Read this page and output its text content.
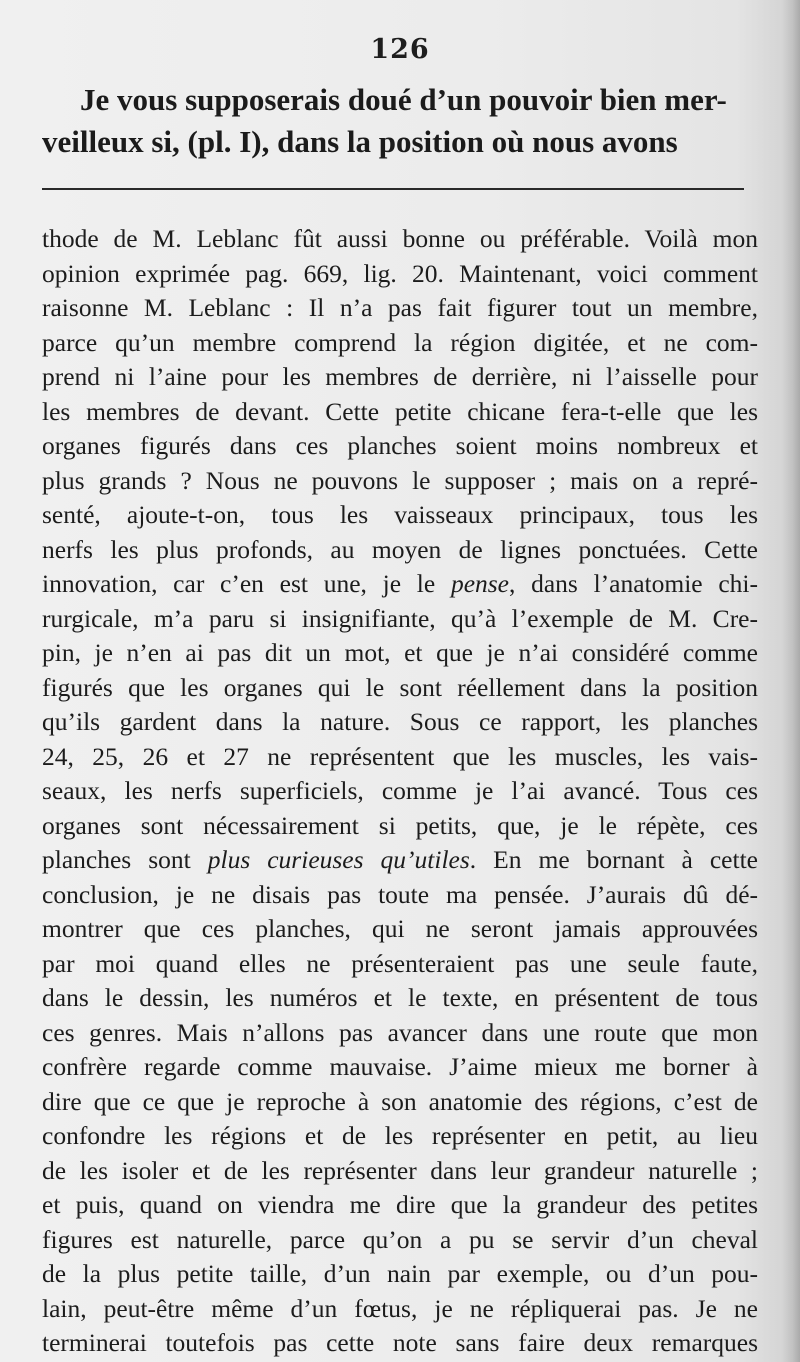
126
Je vous supposerais doué d’un pouvoir bien mer-
veilleux si, (pl. I), dans la position où nous avons
thode de M. Leblanc fût aussi bonne ou préférable. Voilà mon
opinion exprimée pag. 669, lig. 20. Maintenant, voici comment
raisonne M. Leblanc : Il n’a pas fait figurer tout un membre,
parce qu’un membre comprend la région digitée, et ne com-
prend ni l’aine pour les membres de derrière, ni l’aisselle pour
les membres de devant. Cette petite chicane fera-t-elle que les
organes figurés dans ces planches soient moins nombreux et
plus grands ? Nous ne pouvons le supposer ; mais on a repré-
senté, ajoute-t-on, tous les vaisseaux principaux, tous les
nerfs les plus profonds, au moyen de lignes ponctuées. Cette
innovation, car c’en est une, je le pense, dans l’anatomie chi-
rurgicale, m’a paru si insignifiante, qu’à l’exemple de M. Cre-
pin, je n’en ai pas dit un mot, et que je n’ai considéré comme
figurés que les organes qui le sont réellement dans la position
qu’ils gardent dans la nature. Sous ce rapport, les planches
24, 25, 26 et 27 ne représentent que les muscles, les vais-
seaux, les nerfs superficiels, comme je l’ai avancé. Tous ces
organes sont nécessairement si petits, que, je le répète, ces
planches sont plus curieuses qu’utiles. En me bornant à cette
conclusion, je ne disais pas toute ma pensée. J’aurais dû dé-
montrer que ces planches, qui ne seront jamais approuvées
par moi quand elles ne présenteraient pas une seule faute,
dans le dessin, les numéros et le texte, en présentent de tous
ces genres. Mais n’allons pas avancer dans une route que mon
confrère regarde comme mauvaise. J’aime mieux me borner à
dire que ce que je reproche à son anatomie des régions, c’est de
confondre les régions et de les représenter en petit, au lieu
de les isoler et de les représenter dans leur grandeur naturelle ;
et puis, quand on viendra me dire que la grandeur des petites
figures est naturelle, parce qu’on a pu se servir d’un cheval
de la plus petite taille, d’un nain par exemple, ou d’un pou-
lain, peut-être même d’un fœtus, je ne répliquerai pas. Je ne
terminerai toutefois pas cette note sans faire deux remarques
